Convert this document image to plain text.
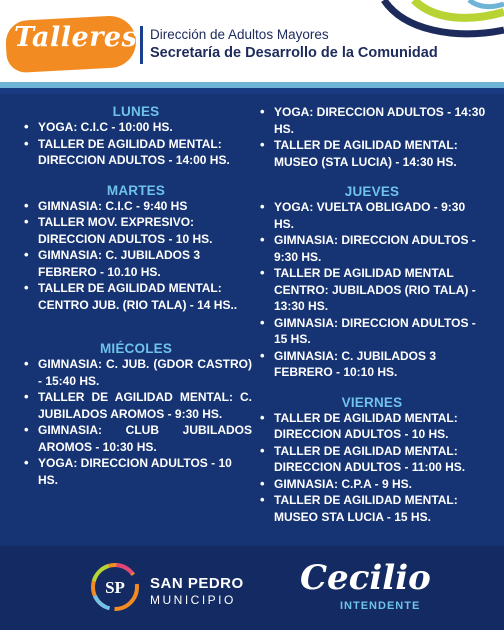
Talleres Dirección de Adultos Mayores
Secretaría de Desarrollo de la Comunidad
LUNES
• YOGA: C.I.C - 10:00 HS.
• TALLER DE AGILIDAD MENTAL: DIRECCION ADULTOS - 14:00 HS.
MARTES
• GIMNASIA: C.I.C - 9:40 HS
• TALLER MOV. EXPRESIVO: DIRECCION ADULTOS - 10 HS.
• GIMNASIA: C. JUBILADOS 3 FEBRERO - 10.10 HS.
• TALLER DE AGILIDAD MENTAL: CENTRO JUB. (RIO TALA) - 14 HS..
MIÉCOLES
• GIMNASIA: C. JUB. (GDOR CASTRO) - 15:40 HS.
• TALLER DE AGILIDAD MENTAL: C. JUBILADOS AROMOS - 9:30 HS.
• GIMNASIA: CLUB JUBILADOS AROMOS - 10:30 HS.
• YOGA: DIRECCION ADULTOS - 10 HS.
• YOGA: DIRECCION ADULTOS - 14:30 HS.
• TALLER DE AGILIDAD MENTAL: MUSEO (STA LUCIA) - 14:30 HS.
JUEVES
• YOGA: VUELTA OBLIGADO - 9:30 HS.
• GIMNASIA: DIRECCION ADULTOS - 9:30 HS.
• TALLER DE AGILIDAD MENTAL CENTRO: JUBILADOS (RIO TALA) - 13:30 HS.
• GIMNASIA: DIRECCION ADULTOS - 15 HS.
• GIMNASIA: C. JUBILADOS 3 FEBRERO - 10:10 HS.
VIERNES
• TALLER DE AGILIDAD MENTAL: DIRECCION ADULTOS - 10 HS.
• TALLER DE AGILIDAD MENTAL: DIRECCION ADULTOS - 11:00 HS.
• GIMNASIA: C.P.A - 9 HS.
• TALLER DE AGILIDAD MENTAL: MUSEO STA LUCIA - 15 HS.
SP SAN PEDRO
MUNICIPIO
Cecilio
INTENDENTE
